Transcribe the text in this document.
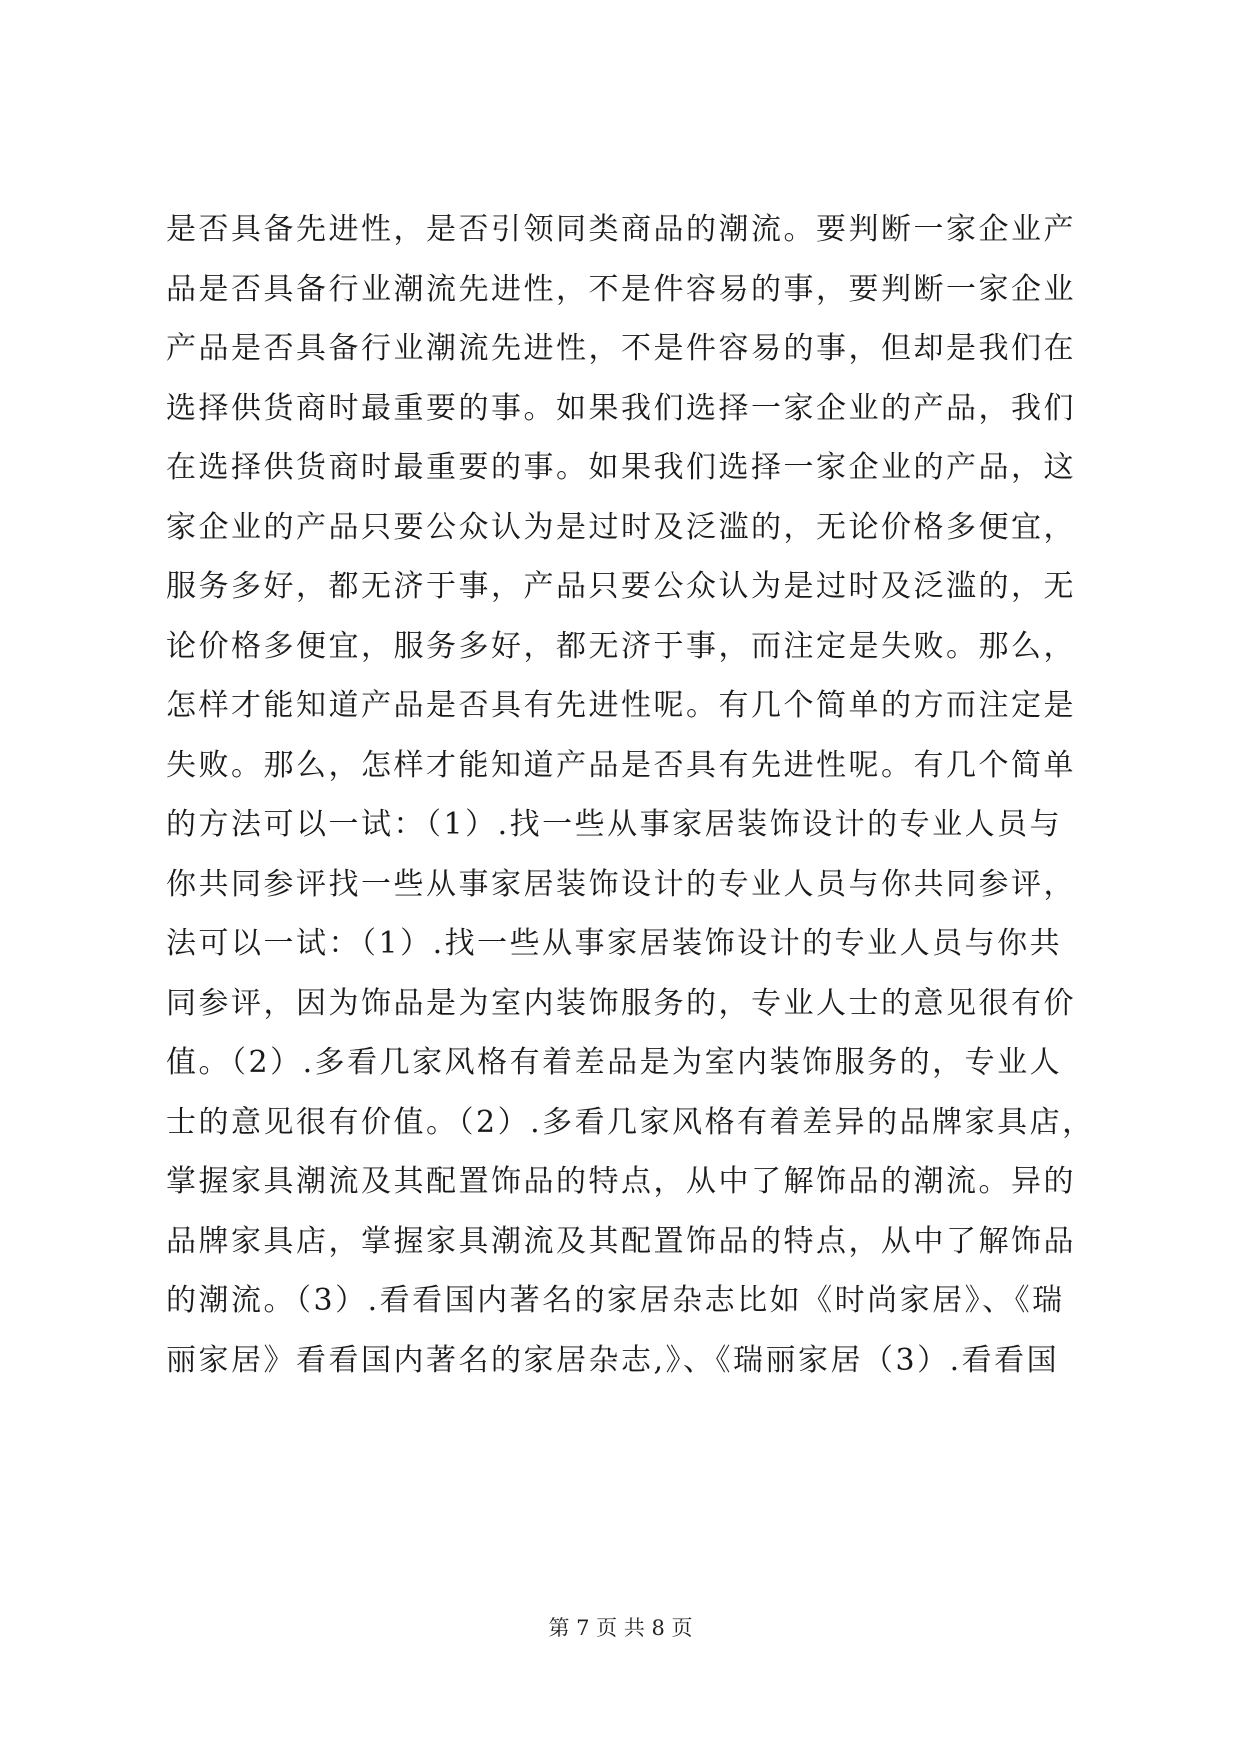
是否具备先进性，是否引领同类商品的潮流。要判断一家企业产
品是否具备行业潮流先进性，不是件容易的事，要判断一家企业
产品是否具备行业潮流先进性，不是件容易的事，但却是我们在
选择供货商时最重要的事。如果我们选择一家企业的产品，我们
在选择供货商时最重要的事。如果我们选择一家企业的产品，这
家企业的产品只要公众认为是过时及泛滥的，无论价格多便宜，
服务多好，都无济于事，产品只要公众认为是过时及泛滥的，无
论价格多便宜，服务多好，都无济于事，而注定是失败。那么，
怎样才能知道产品是否具有先进性呢。有几个简单的方而注定是
失败。那么，怎样才能知道产品是否具有先进性呢。有几个简单
的方法可以一试：（1）.找一些从事家居装饰设计的专业人员与
你共同参评找一些从事家居装饰设计的专业人员与你共同参评，
法可以一试：（1）.找一些从事家居装饰设计的专业人员与你共
同参评，因为饰品是为室内装饰服务的，专业人士的意见很有价
值。（2）.多看几家风格有着差品是为室内装饰服务的，专业人
士的意见很有价值。（2）.多看几家风格有着差异的品牌家具店，
掌握家具潮流及其配置饰品的特点，从中了解饰品的潮流。异的
品牌家具店，掌握家具潮流及其配置饰品的特点，从中了解饰品
的潮流。（3）.看看国内著名的家居杂志比如《时尚家居》、《瑞
丽家居》看看国内著名的家居杂志,》、《瑞丽家居（3）.看看国
第 7 页 共 8 页
